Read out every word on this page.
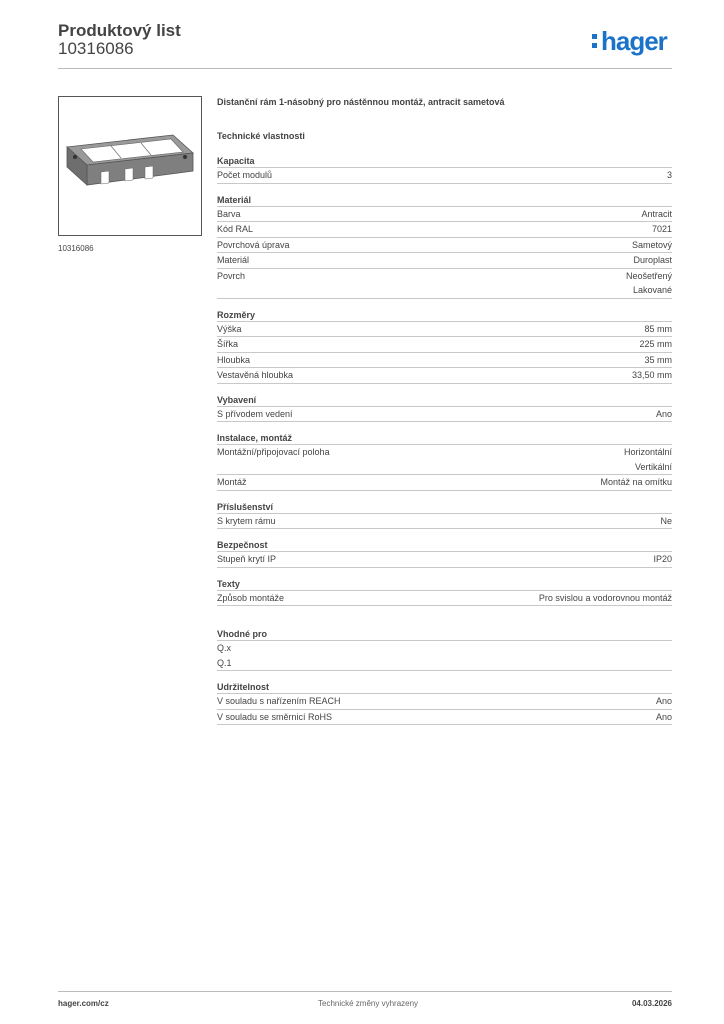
Produktový list
10316086	hager
10316086
Distanční rám 1-násobný pro nástěnnou montáž, antracit sametová
Technické vlastnosti
Kapacita
Počet modulů	3
Materiál
Barva	Antracit
Kód RAL	7021
Povrchová úprava	Sametový
Materiál	Duroplast
Povrch	Neošetřený
Lakované
Rozměry
Výška	85 mm
Šířka	225 mm
Hloubka	35 mm
Vestavěná hloubka	33,50 mm
Vybavení
S přívodem vedení	Ano
Instalace, montáž
Montážní/připojovací poloha	Horizontální
Vertikální
Montáž	Montáž na omítku
Příslušenství
S krytem rámu	Ne
Bezpečnost
Stupeň krytí IP	IP20
Texty
Způsob montáže	Pro svislou a vodorovnou montáž
Vhodné pro
Q.x
Q.1
Udržitelnost
V souladu s nařízením REACH	Ano
V souladu se směrnicí RoHS	Ano
hager.com/cz	Technické změny vyhrazeny	04.03.2026
